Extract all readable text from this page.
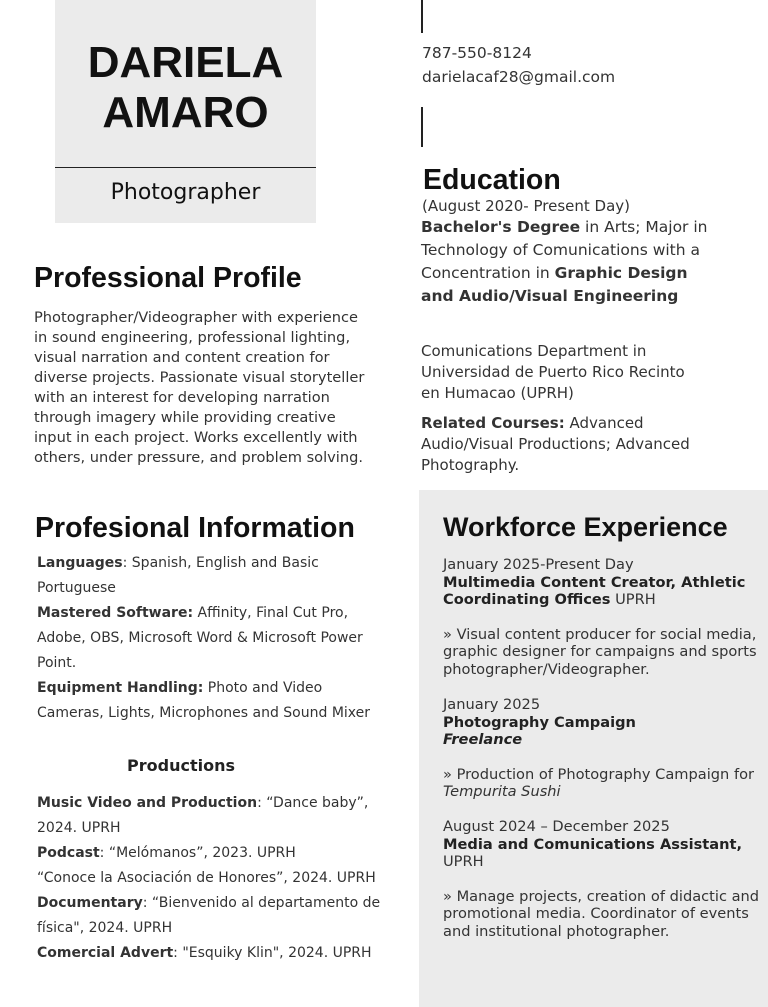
DARIELA
AMARO
Photographer
787-550-8124
darielacaf28@gmail.com
Education
(August 2020- Present Day)
Bachelor's Degree in Arts; Major in Technology of Comunications with a Concentration in Graphic Design and Audio/Visual Engineering
Comunications Department in Universidad de Puerto Rico Recinto en Humacao (UPRH)
Related Courses: Advanced Audio/Visual Productions; Advanced Photography.
Professional Profile
Photographer/Videographer with experience in sound engineering, professional lighting, visual narration and content creation for diverse projects. Passionate visual storyteller with an interest for developing narration through imagery while providing creative input in each project. Works excellently with others, under pressure, and problem solving.
Profesional Information

Languages: Spanish, English and Basic Portuguese

Mastered Software: Affinity, Final Cut Pro, Adobe, OBS, Microsoft Word & Microsoft Power Point.

Equipment Handling: Photo and Video Cameras, Lights, Microphones and Sound Mixer

Productions

Music Video and Production: “Dance baby”, 2024. UPRH

Podcast: “Melómanos”, 2023. UPRH

“Conoce la Asociación de Honores”, 2024. UPRH

Documentary: “Bienvenido al departamento de física", 2024. UPRH

Comercial Advert: "Esquiky Klin", 2024. UPRH

Workforce Experience
January 2025-Present Day
Multimedia Content Creator, Athletic Coordinating Offices UPRH
» Visual content producer for social media, graphic designer for campaigns and sports photographer/Videographer.
January 2025
Photography Campaign
Freelance
» Production of Photography Campaign for Tempurita Sushi
August 2024 – December 2025
Media and Comunications Assistant,
UPRH
» Manage projects, creation of didactic and promotional media. Coordinator of events and institutional photographer.
